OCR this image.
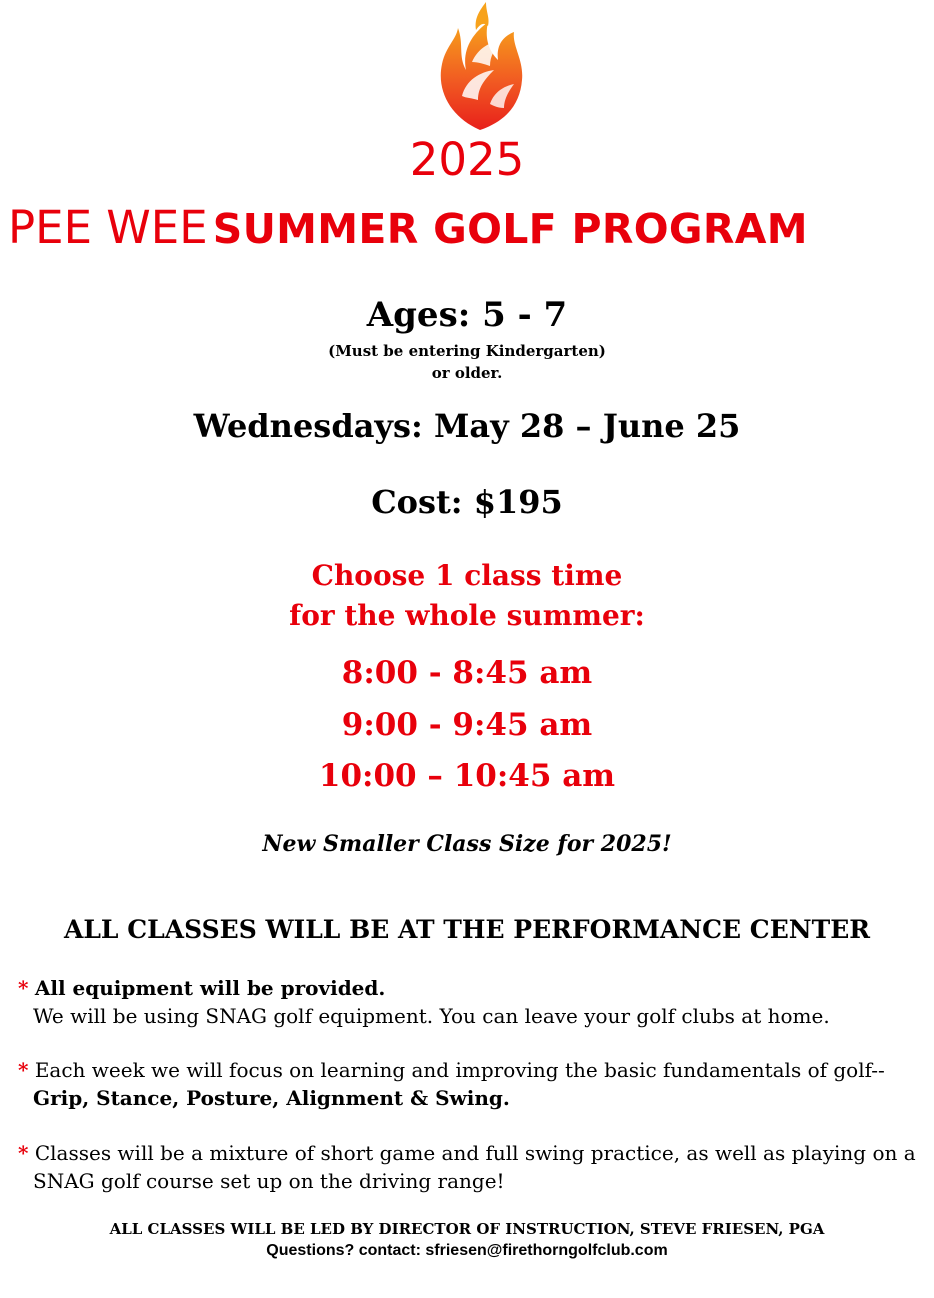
2025
PEE WEE SUMMER GOLF PROGRAM
Ages: 5 - 7
(Must be entering Kindergarten)
or older.
Wednesdays: May 28 – June 25
Cost: $195
Choose 1 class time
for the whole summer:
8:00 - 8:45 am
9:00 - 9:45 am
10:00 – 10:45 am
New Smaller Class Size for 2025!
ALL CLASSES WILL BE AT THE PERFORMANCE CENTER
* All equipment will be provided.
We will be using SNAG golf equipment. You can leave your golf clubs at home.
* Each week we will focus on learning and improving the basic fundamentals of golf--
Grip, Stance, Posture, Alignment & Swing.
* Classes will be a mixture of short game and full swing practice, as well as playing on a
SNAG golf course set up on the driving range!
ALL CLASSES WILL BE LED BY DIRECTOR OF INSTRUCTION, STEVE FRIESEN, PGA
Questions? contact: sfriesen@firethorngolfclub.com
